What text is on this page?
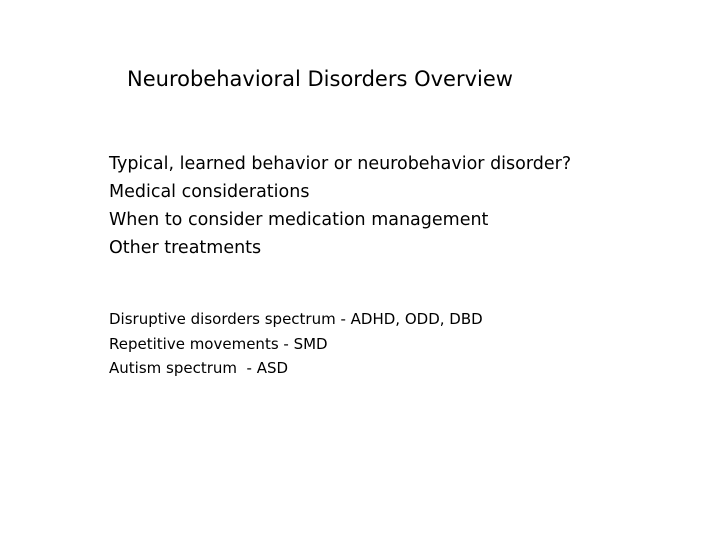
Neurobehavioral Disorders Overview
Typical, learned behavior or neurobehavior disorder?
Medical considerations
When to consider medication management
Other treatments
Disruptive disorders spectrum - ADHD, ODD, DBD
Repetitive movements - SMD
Autism spectrum  - ASD
